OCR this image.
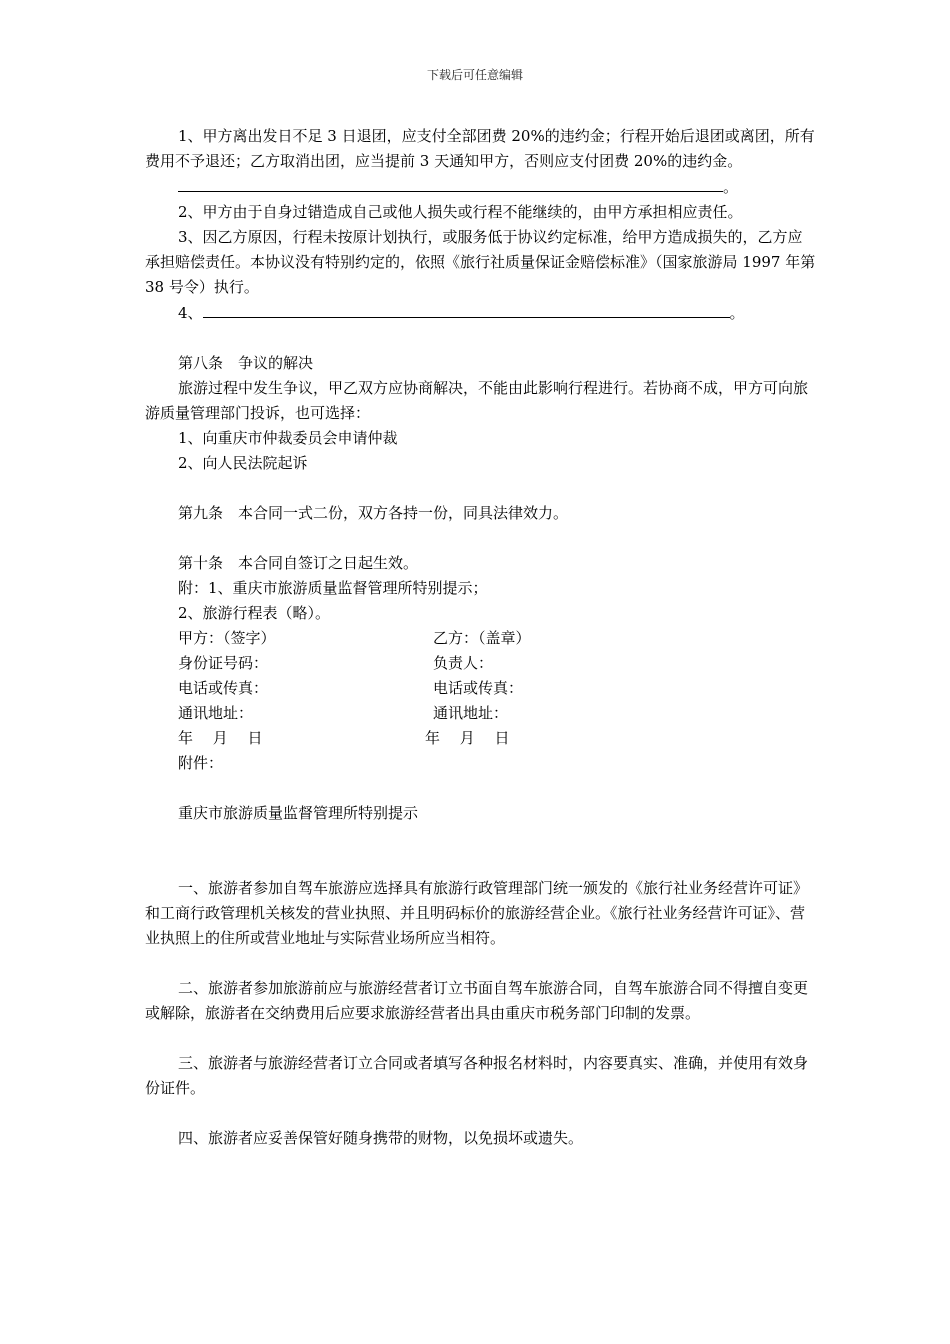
下载后可任意编辑

1、甲方离出发日不足 3 日退团，应支付全部团费 20%的违约金；行程开始后退团或离团，所有费用不予退还；乙方取消出团，应当提前 3 天通知甲方，否则应支付团费 20%的违约金。

。

2、甲方由于自身过错造成自己或他人损失或行程不能继续的，由甲方承担相应责任。

3、因乙方原因，行程未按原计划执行，或服务低于协议约定标准，给甲方造成损失的，乙方应承担赔偿责任。本协议没有特别约定的，依照《旅行社质量保证金赔偿标准》（国家旅游局 1997 年第 38 号令）执行。

4、	。

第八条　争议的解决

旅游过程中发生争议，甲乙双方应协商解决，不能由此影响行程进行。若协商不成，甲方可向旅游质量管理部门投诉，也可选择：

1、向重庆市仲裁委员会申请仲裁

2、向人民法院起诉

第九条　本合同一式二份，双方各持一份，同具法律效力。

第十条　本合同自签订之日起生效。

附：1、重庆市旅游质量监督管理所特别提示；

2、旅游行程表（略）。

甲方：（签字）	乙方：（盖章）
身份证号码：	负责人：
电话或传真：	电话或传真：
通讯地址：	通讯地址：
年　 月　 日	年　 月　 日

附件：

重庆市旅游质量监督管理所特别提示

一、旅游者参加自驾车旅游应选择具有旅游行政管理部门统一颁发的《旅行社业务经营许可证》和工商行政管理机关核发的营业执照、并且明码标价的旅游经营企业。《旅行社业务经营许可证》、营业执照上的住所或营业地址与实际营业场所应当相符。

二、旅游者参加旅游前应与旅游经营者订立书面自驾车旅游合同，自驾车旅游合同不得擅自变更或解除，旅游者在交纳费用后应要求旅游经营者出具由重庆市税务部门印制的发票。

三、旅游者与旅游经营者订立合同或者填写各种报名材料时，内容要真实、准确，并使用有效身份证件。

四、旅游者应妥善保管好随身携带的财物，以免损坏或遗失。
